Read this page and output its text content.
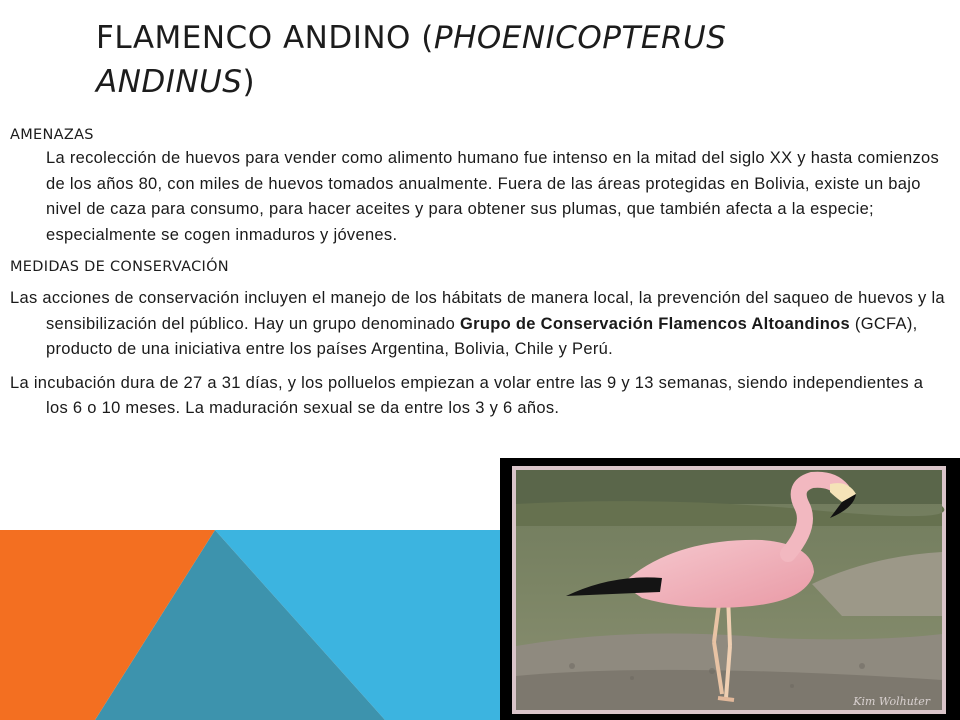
FLAMENCO ANDINO (PHOENICOPTERUS ANDINUS)
AMENAZAS

La recolección de huevos para vender como alimento humano fue intenso en la mitad del siglo XX y hasta comienzos de los años 80, con miles de huevos tomados anualmente. Fuera de las áreas protegidas en Bolivia, existe un bajo nivel de caza para consumo, para hacer aceites y para obtener sus plumas, que también afecta a la especie; especialmente se cogen inmaduros y jóvenes.

MEDIDAS DE CONSERVACIÓN

Las acciones de conservación incluyen el manejo de los hábitats de manera local, la prevención del saqueo de huevos y la sensibilización del público. Hay un grupo denominado Grupo de Conservación Flamencos Altoandinos (GCFA), producto de una iniciativa entre los países Argentina, Bolivia, Chile y Perú.

La incubación dura de 27 a 31 días, y los polluelos empiezan a volar entre las 9 y 13 semanas, siendo independientes a los 6 o 10 meses. La maduración sexual se da entre los 3 y 6 años.

Kim Wolhuter
